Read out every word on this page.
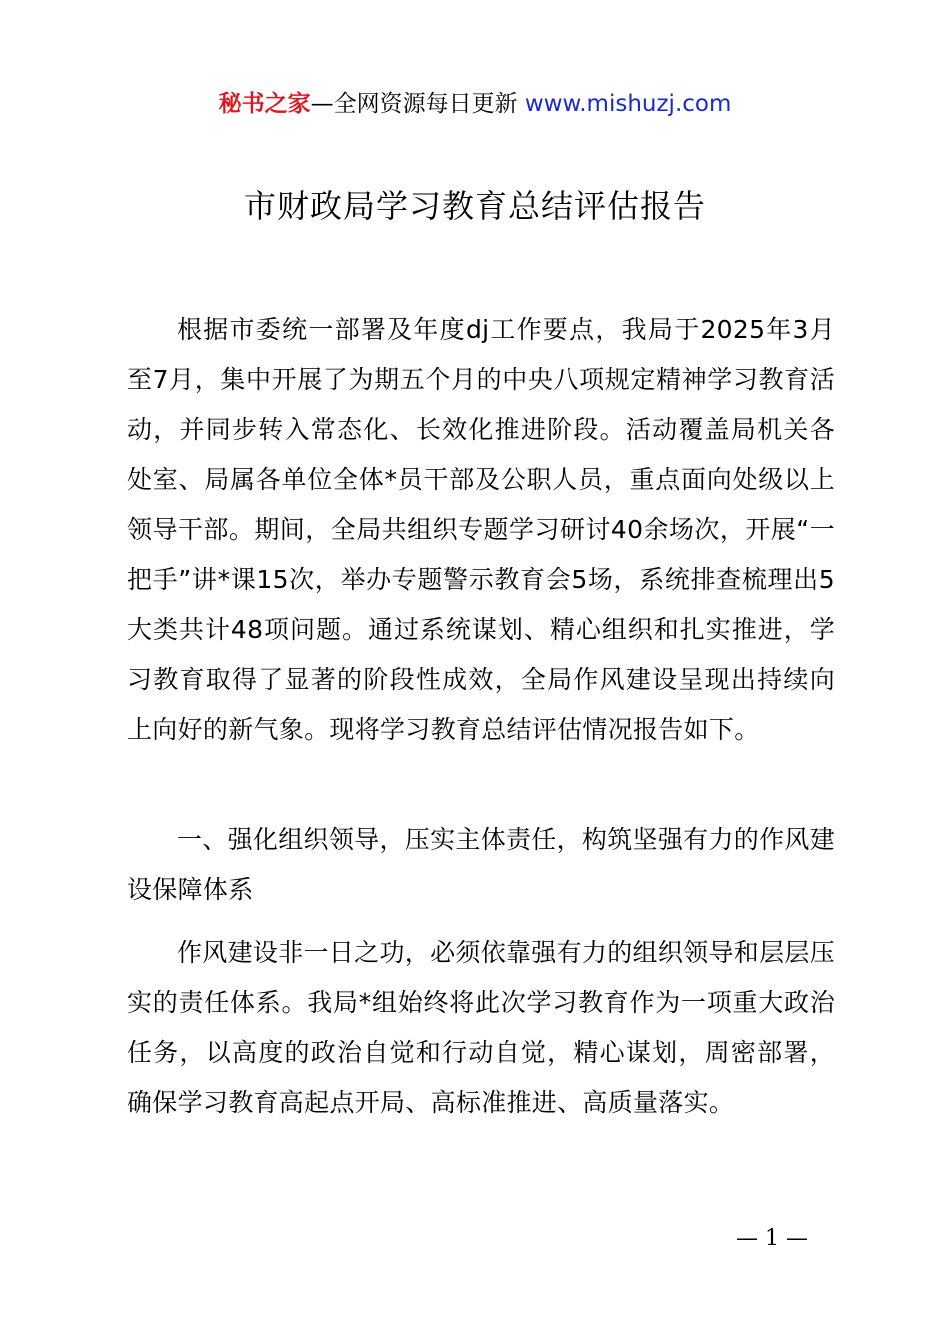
秘书之家—全网资源每日更新 www.mishuzj.com
市财政局学习教育总结评估报告

根据市委统一部署及年度dj工作要点，我局于2025年3月至7月，集中开展了为期五个月的中央八项规定精神学习教育活动，并同步转入常态化、长效化推进阶段。活动覆盖局机关各处室、局属各单位全体*员干部及公职人员，重点面向处级以上领导干部。期间，全局共组织专题学习研讨40余场次，开展“一把手”讲*课15次，举办专题警示教育会5场，系统排查梳理出5大类共计48项问题。通过系统谋划、精心组织和扎实推进，学习教育取得了显著的阶段性成效，全局作风建设呈现出持续向上向好的新气象。现将学习教育总结评估情况报告如下。

一、强化组织领导，压实主体责任，构筑坚强有力的作风建设保障体系

作风建设非一日之功，必须依靠强有力的组织领导和层层压实的责任体系。我局*组始终将此次学习教育作为一项重大政治任务，以高度的政治自觉和行动自觉，精心谋划，周密部署，确保学习教育高起点开局、高标准推进、高质量落实。

— 1 —
